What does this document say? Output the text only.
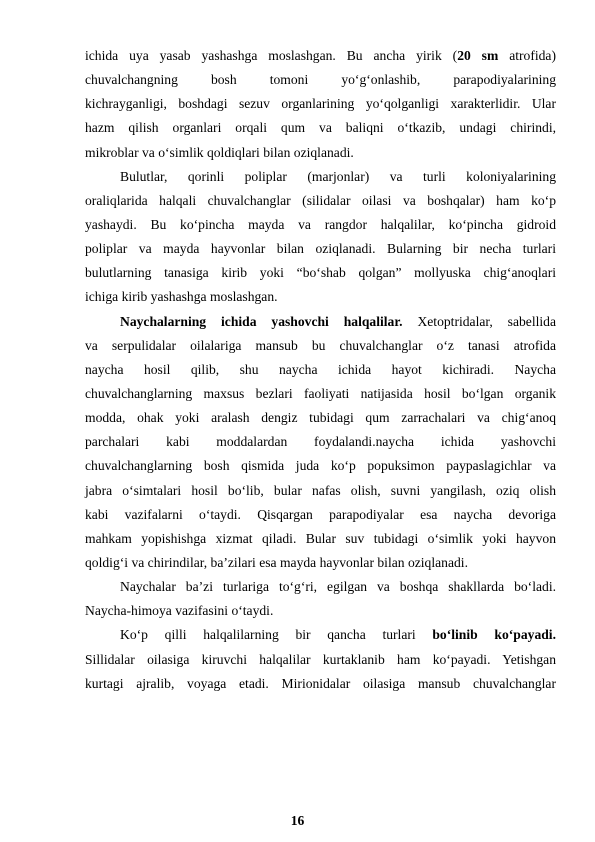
ichida uya yasab yashashga moslashgan. Bu ancha yirik (20 sm atrofida)
chuvalchangning bosh tomoni yo‘g‘onlashib, parapodiyalarining
kichrayganligi, boshdagi sezuv organlarining yo‘qolganligi xarakterlidir. Ular
hazm qilish organlari orqali qum va baliqni o‘tkazib, undagi chirindi,
mikroblar va o‘simlik qoldiqlari bilan oziqlanadi.
Bulutlar, qorinli poliplar (marjonlar) va turli koloniyalarining
oraliqlarida halqali chuvalchanglar (silidalar oilasi va boshqalar) ham ko‘p
yashaydi. Bu ko‘pincha mayda va rangdor halqalilar, ko‘pincha gidroid
poliplar va mayda hayvonlar bilan oziqlanadi. Bularning bir necha turlari
bulutlarning tanasiga kirib yoki “bo‘shab qolgan” mollyuska chig‘anoqlari
ichiga kirib yashashga moslashgan.
Naychalarning ichida yashovchi halqalilar. Xetoptridalar, sabellida
va serpulidalar oilalariga mansub bu chuvalchanglar o‘z tanasi atrofida
naycha hosil qilib, shu naycha ichida hayot kichiradi. Naycha
chuvalchanglarning maxsus bezlari faoliyati natijasida hosil bo‘lgan organik
modda, ohak yoki aralash dengiz tubidagi qum zarrachalari va chig‘anoq
parchalari kabi moddalardan foydalandi.naycha ichida yashovchi
chuvalchanglarning bosh qismida juda ko‘p popuksimon paypaslagichlar va
jabra o‘simtalari hosil bo‘lib, bular nafas olish, suvni yangilash, oziq olish
kabi vazifalarni o‘taydi. Qisqargan parapodiyalar esa naycha devoriga
mahkam yopishishga xizmat qiladi. Bular suv tubidagi o‘simlik yoki hayvon
qoldig‘i va chirindilar, ba’zilari esa mayda hayvonlar bilan oziqlanadi.
Naychalar ba’zi turlariga to‘g‘ri, egilgan va boshqa shakllarda bo‘ladi.
Naycha-himoya vazifasini o‘taydi.
Ko‘p qilli halqalilarning bir qancha turlari bo‘linib ko‘payadi.
Sillidalar oilasiga kiruvchi halqalilar kurtaklanib ham ko‘payadi. Yetishgan
kurtagi ajralib, voyaga etadi. Mirionidalar oilasiga mansub chuvalchanglar
16
